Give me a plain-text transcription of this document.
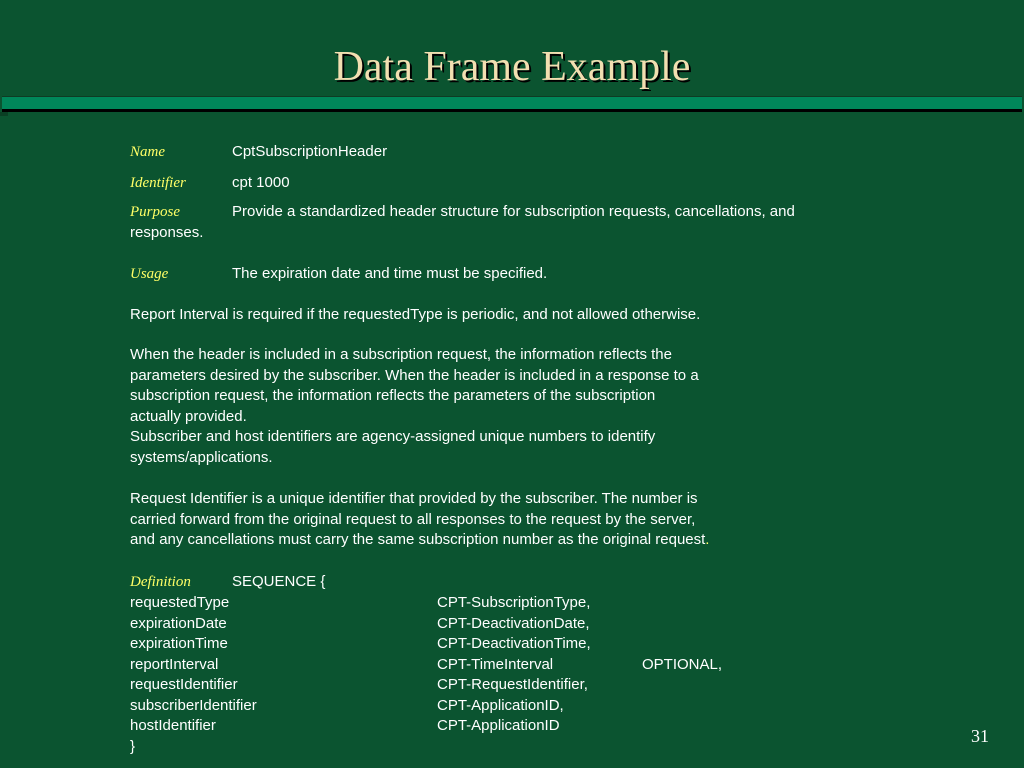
Data Frame Example
Name	CptSubscriptionHeader
Identifier	cpt 1000
Purpose	Provide a standardized header structure for subscription requests, cancellations, and
responses.
Usage	The expiration date and time must be specified.
Report Interval is required if the requestedType is periodic, and not allowed otherwise.

When the header is included in a subscription request, the information reflects the

parameters desired by the subscriber. When the header is included in a response to a

subscription request, the information reflects the parameters of the subscription

actually provided.

Subscriber and host identifiers are agency-assigned unique numbers to identify

systems/applications.

Request Identifier is a unique identifier that provided by the subscriber. The number is

carried forward from the original request to all responses to the request by the server,

and any cancellations must carry the same subscription number as the original request.

Definition	SEQUENCE {
requestedType	CPT-SubscriptionType,
expirationDate	CPT-DeactivationDate,
expirationTime	CPT-DeactivationTime,
reportInterval	CPT-TimeInterval	OPTIONAL,
requestIdentifier	CPT-RequestIdentifier,
subscriberIdentifier	CPT-ApplicationID,
hostIdentifier	CPT-ApplicationID
}
31
